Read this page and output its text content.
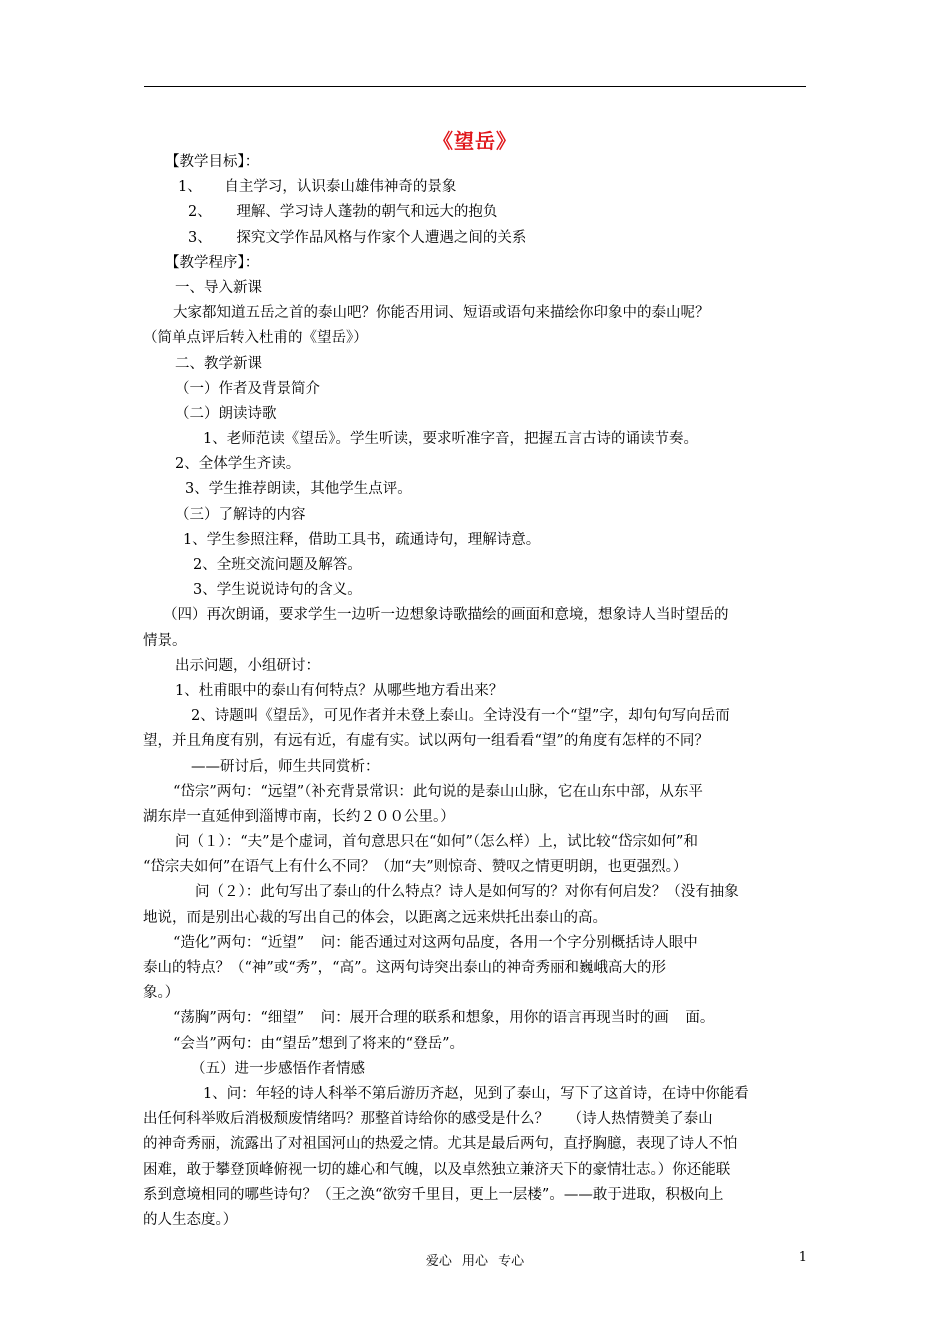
《望岳》
【教学目标】：
1、 自主学习，认识泰山雄伟神奇的景象
2、 理解、学习诗人蓬勃的朝气和远大的抱负
3、 探究文学作品风格与作家个人遭遇之间的关系
【教学程序】：
一、导入新课
大家都知道五岳之首的泰山吧？你能否用词、短语或语句来描绘你印象中的泰山呢？
（简单点评后转入杜甫的《望岳》）
二、教学新课
（一）作者及背景简介
（二）朗读诗歌
1、老师范读《望岳》。学生听读，要求听准字音，把握五言古诗的诵读节奏。
2、全体学生齐读。
3、学生推荐朗读，其他学生点评。
（三）了解诗的内容
1、学生参照注释，借助工具书，疏通诗句，理解诗意。
2、全班交流问题及解答。
3、学生说说诗句的含义。
（四）再次朗诵，要求学生一边听一边想象诗歌描绘的画面和意境，想象诗人当时望岳的
情景。
出示问题，小组研讨：
1、杜甫眼中的泰山有何特点？从哪些地方看出来？
2、诗题叫《望岳》，可见作者并未登上泰山。全诗没有一个“望”字，却句句写向岳而
望，并且角度有别，有远有近，有虚有实。试以两句一组看看“望”的角度有怎样的不同？
——研讨后，师生共同赏析：
“岱宗”两句：“远望”（补充背景常识：此句说的是泰山山脉，它在山东中部，从东平
湖东岸一直延伸到淄博市南，长约２００公里。）
问（１）：“夫”是个虚词，首句意思只在“如何”（怎么样）上，试比较“岱宗如何”和
“岱宗夫如何”在语气上有什么不同？（加“夫”则惊奇、赞叹之情更明朗，也更强烈。）
问（２）：此句写出了泰山的什么特点？诗人是如何写的？对你有何启发？（没有抽象
地说，而是别出心裁的写出自己的体会，以距离之远来烘托出泰山的高。
“造化”两句：“近望” 问：能否通过对这两句品度，各用一个字分别概括诗人眼中
泰山的特点？（“神”或“秀”，“高”。这两句诗突出泰山的神奇秀丽和巍峨高大的形
象。）
“荡胸”两句：“细望” 问：展开合理的联系和想象，用你的语言再现当时的画 面。
“会当”两句：由“望岳”想到了将来的“登岳”。
（五）进一步感悟作者情感
1、问：年轻的诗人科举不第后游历齐赵，见到了泰山，写下了这首诗，在诗中你能看
出任何科举败后消极颓废情绪吗？那整首诗给你的感受是什么？ （诗人热情赞美了泰山
的神奇秀丽，流露出了对祖国河山的热爱之情。尤其是最后两句，直抒胸臆，表现了诗人不怕
困难，敢于攀登顶峰俯视一切的雄心和气魄，以及卓然独立兼济天下的豪情壮志。）你还能联
系到意境相同的哪些诗句？（王之涣“欲穷千里目，更上一层楼”。——敢于进取，积极向上
的人生态度。）
爱心 用心 专心	1
